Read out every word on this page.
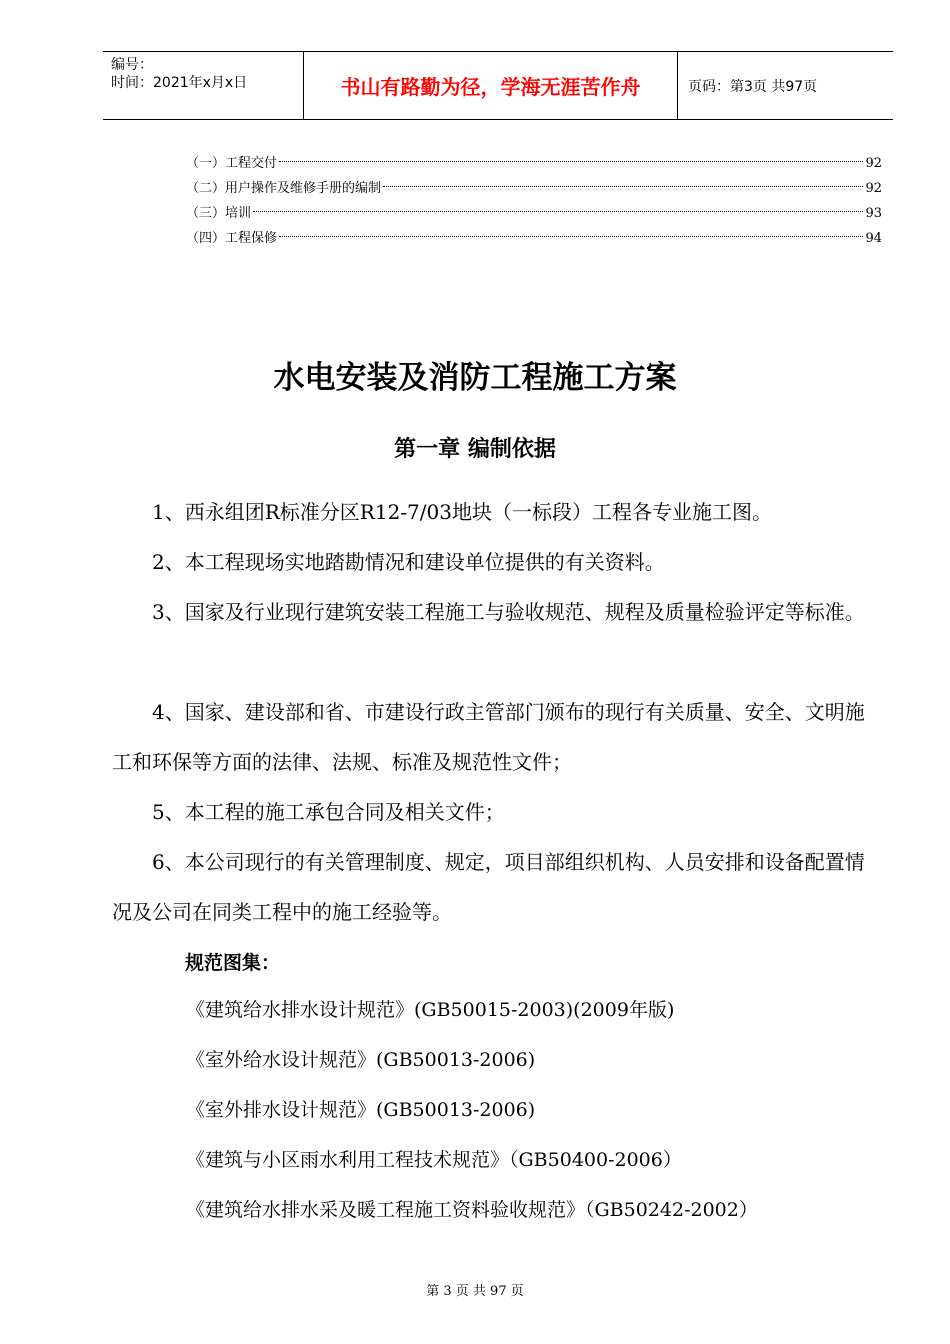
编号：
时间：2021年x月x日	书山有路勤为径，学海无涯苦作舟	页码：第3页 共97页
（一）工程交付	92
（二）用户操作及维修手册的编制	92
（三）培训	93
（四）工程保修	94
水电安装及消防工程施工方案
第一章 编制依据
1、西永组团R标准分区R12-7/03地块（一标段）工程各专业施工图。
2、本工程现场实地踏勘情况和建设单位提供的有关资料。
3、国家及行业现行建筑安装工程施工与验收规范、规程及质量检验评定等标准。
4、国家、建设部和省、市建设行政主管部门颁布的现行有关质量、安全、文明施工和环保等方面的法律、法规、标准及规范性文件；
5、本工程的施工承包合同及相关文件；
6、本公司现行的有关管理制度、规定，项目部组织机构、人员安排和设备配置情况及公司在同类工程中的施工经验等。
规范图集：
《建筑给水排水设计规范》(GB50015-2003)(2009年版)
《室外给水设计规范》(GB50013-2006)
《室外排水设计规范》(GB50013-2006)
《建筑与小区雨水利用工程技术规范》（GB50400-2006）
《建筑给水排水采及暖工程施工资料验收规范》（GB50242-2002）
第 3 页 共 97 页
